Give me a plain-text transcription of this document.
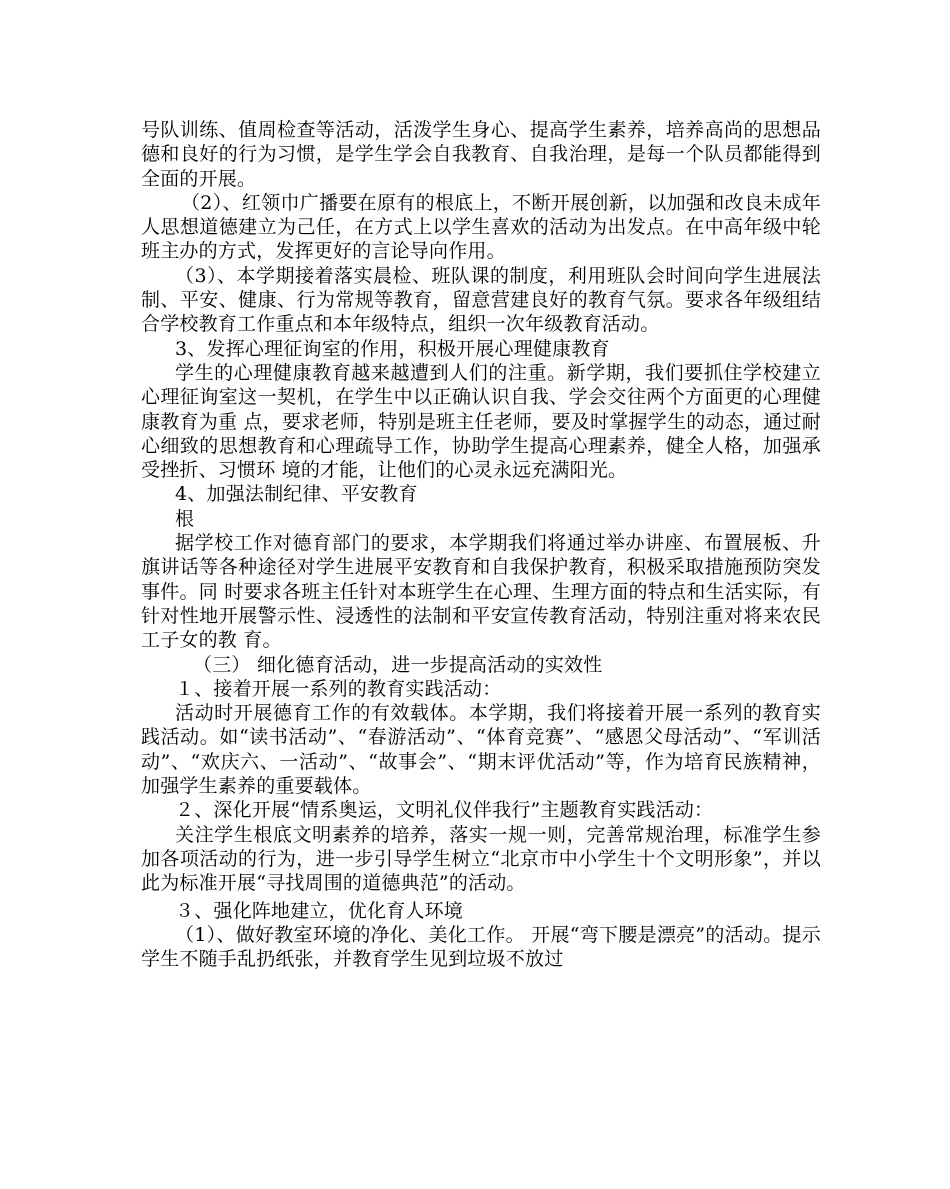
号队训练、值周检查等活动，活泼学生身心、提高学生素养，培养高尚的思想品德和良好的行为习惯，是学生学会自我教育、自我治理，是每一个队员都能得到全面的开展。

（2）、红领巾广播要在原有的根底上，不断开展创新，以加强和改良未成年人思想道德建立为己任，在方式上以学生喜欢的活动为出发点。在中高年级中轮班主办的方式，发挥更好的言论导向作用。

（3）、本学期接着落实晨检、班队课的制度，利用班队会时间向学生进展法制、平安、健康、行为常规等教育，留意营建良好的教育气氛。要求各年级组结合学校教育工作重点和本年级特点，组织一次年级教育活动。

3、发挥心理征询室的作用，积极开展心理健康教育

学生的心理健康教育越来越遭到人们的注重。新学期，我们要抓住学校建立心理征询室这一契机，在学生中以正确认识自我、学会交往两个方面更的心理健康教育为重 点，要求老师，特别是班主任老师，要及时掌握学生的动态，通过耐心细致的思想教育和心理疏导工作，协助学生提高心理素养，健全人格，加强承受挫折、习惯环 境的才能，让他们的心灵永远充满阳光。

4、加强法制纪律、平安教育

根

据学校工作对德育部门的要求，本学期我们将通过举办讲座、布置展板、升旗讲话等各种途径对学生进展平安教育和自我保护教育，积极采取措施预防突发事件。同 时要求各班主任针对本班学生在心理、生理方面的特点和生活实际，有针对性地开展警示性、浸透性的法制和平安宣传教育活动，特别注重对将来农民工子女的教 育。

（三） 细化德育活动，进一步提高活动的实效性

１、接着开展一系列的教育实践活动：

活动时开展德育工作的有效载体。本学期，我们将接着开展一系列的教育实践活动。如“读书活动”、“春游活动”、“体育竞赛”、“感恩父母活动”、“军训活动”、“欢庆六、一活动”、“故事会”、“期末评优活动”等，作为培育民族精神，加强学生素养的重要载体。

２、深化开展“情系奥运，文明礼仪伴我行”主题教育实践活动：

关注学生根底文明素养的培养，落实一规一则，完善常规治理，标准学生参加各项活动的行为，进一步引导学生树立“北京市中小学生十个文明形象”，并以此为标准开展“寻找周围的道德典范”的活动。

３、强化阵地建立，优化育人环境

（1）、做好教室环境的净化、美化工作。 开展“弯下腰是漂亮”的活动。提示学生不随手乱扔纸张，并教育学生见到垃圾不放过
